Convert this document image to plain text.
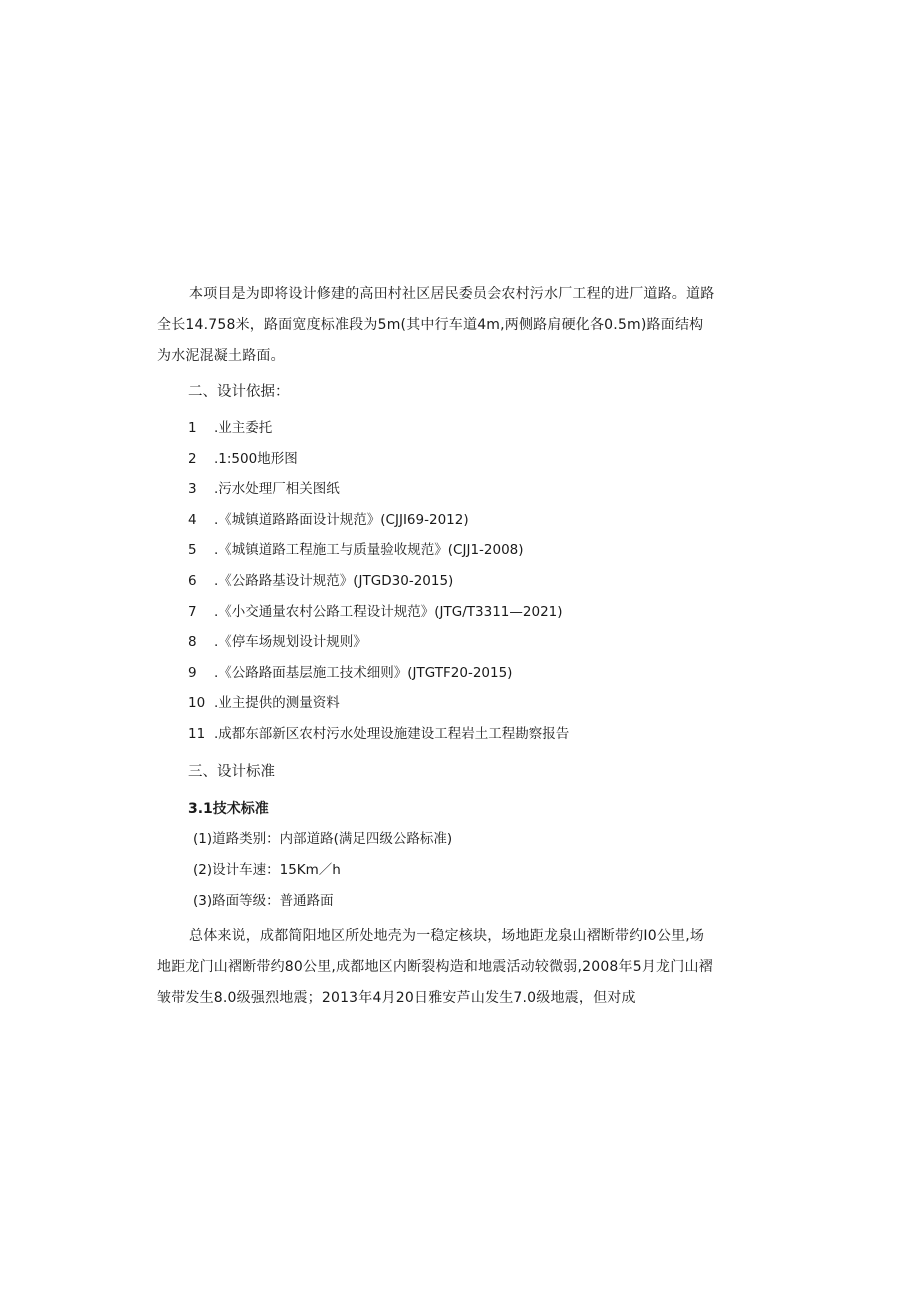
本项目是为即将设计修建的高田村社区居民委员会农村污水厂工程的进厂道路。道路全长14.758米，路面宽度标准段为5m(其中行车道4m,两侧路肩硬化各0.5m)路面结构为水泥混凝土路面。

二、设计依据：
1 .业主委托
2 .1:500地形图
3 .污水处理厂相关图纸
4 .《城镇道路路面设计规范》(CJJI69-2012)
5 .《城镇道路工程施工与质量验收规范》(CJJ1-2008)
6 .《公路路基设计规范》(JTGD30-2015)
7 .《小交通量农村公路工程设计规范》(JTG/T3311—2021)
8 .《停车场规划设计规则》
9 .《公路路面基层施工技术细则》(JTGTF20-2015)
10 .业主提供的测量资料
11 .成都东部新区农村污水处理设施建设工程岩土工程勘察报告
三、设计标准
3.1技术标准
(1)道路类别：内部道路(满足四级公路标准)
(2)设计车速：15Km／h
(3)路面等级：普通路面

总体来说，成都简阳地区所处地壳为一稳定核块，场地距龙泉山褶断带约I0公里,场地距龙门山褶断带约80公里,成都地区内断裂构造和地震活动较微弱,2008年5月龙门山褶皱带发生8.0级强烈地震；2013年4月20日雅安芦山发生7.0级地震，但对成
